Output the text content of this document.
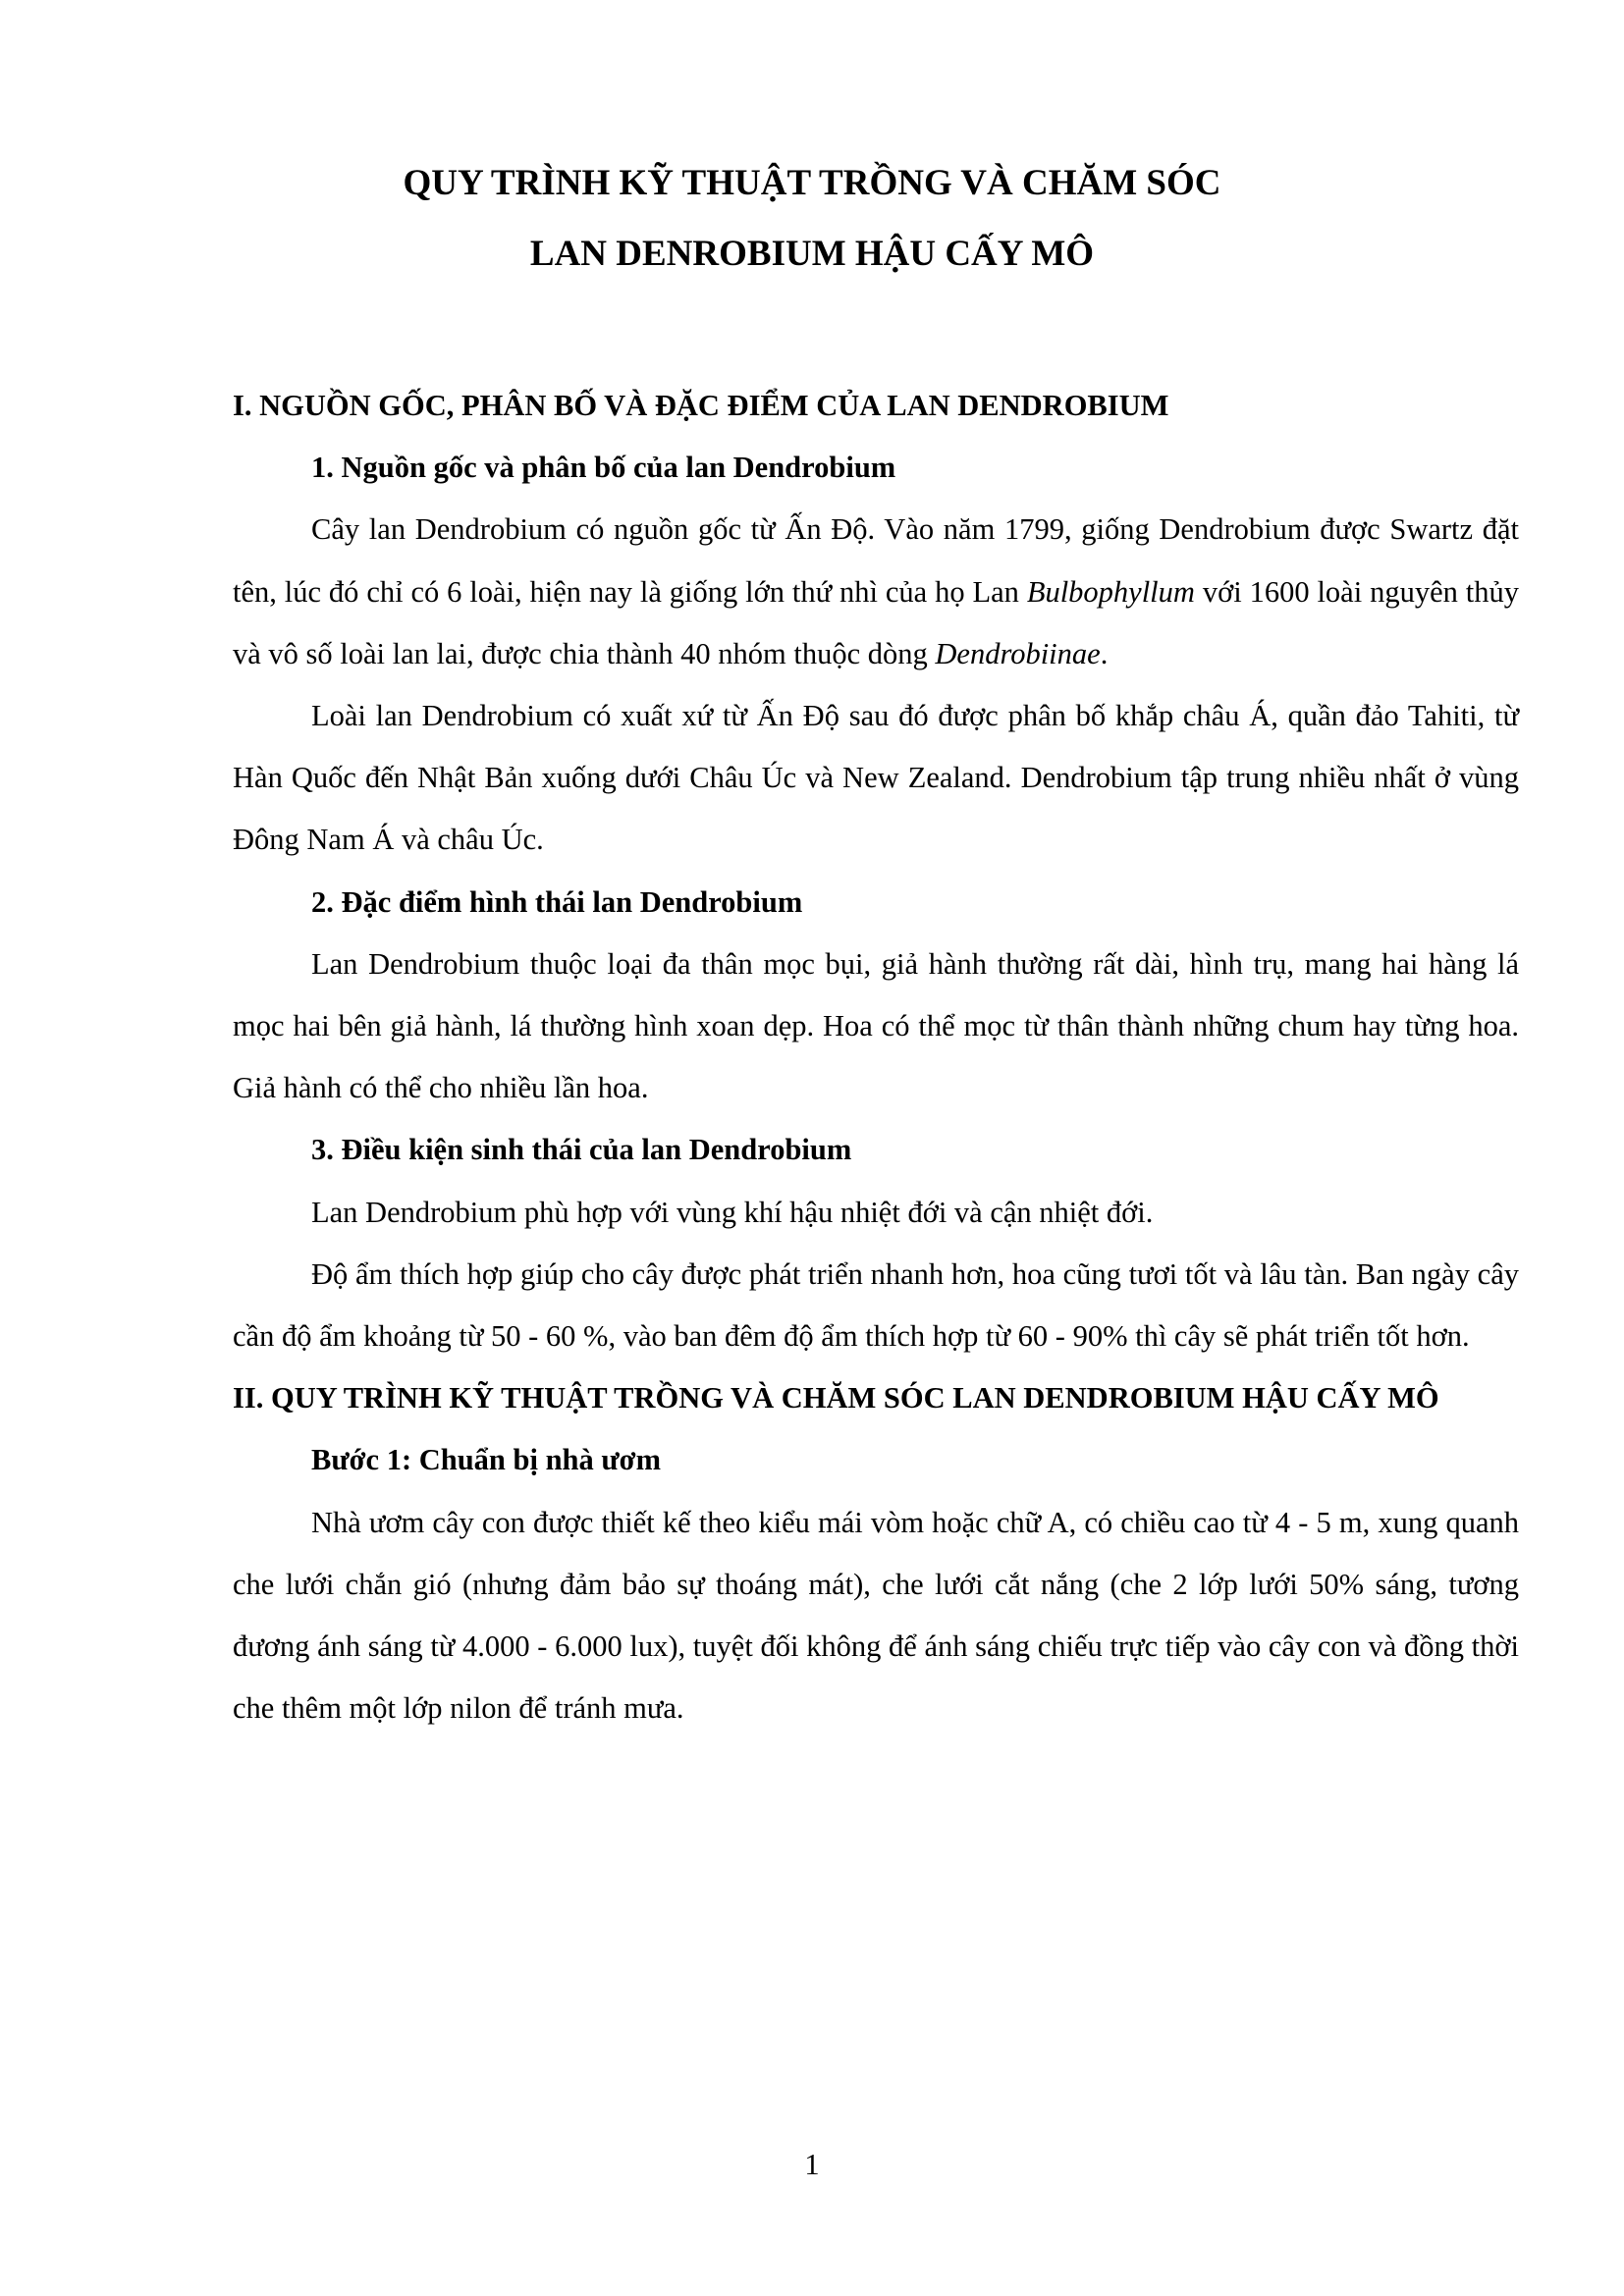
QUY TRÌNH KỸ THUẬT TRỒNG VÀ CHĂM SÓC
LAN DENROBIUM HẬU CẤY MÔ
I. NGUỒN GỐC, PHÂN BỐ VÀ ĐẶC ĐIỂM CỦA LAN DENDROBIUM
1. Nguồn gốc và phân bố của lan Dendrobium

Cây lan Dendrobium có nguồn gốc từ Ấn Độ. Vào năm 1799, giống Dendrobium được Swartz đặt tên, lúc đó chỉ có 6 loài, hiện nay là giống lớn thứ nhì của họ Lan Bulbophyllum với 1600 loài nguyên thủy và vô số loài lan lai, được chia thành 40 nhóm thuộc dòng Dendrobiinae.

Loài lan Dendrobium có xuất xứ từ Ấn Độ sau đó được phân bố khắp châu Á, quần đảo Tahiti, từ Hàn Quốc đến Nhật Bản xuống dưới Châu Úc và New Zealand. Dendrobium tập trung nhiều nhất ở vùng Đông Nam Á và châu Úc.

2. Đặc điểm hình thái lan Dendrobium

Lan Dendrobium thuộc loại đa thân mọc bụi, giả hành thường rất dài, hình trụ, mang hai hàng lá mọc hai bên giả hành, lá thường hình xoan dẹp. Hoa có thể mọc từ thân thành những chum hay từng hoa. Giả hành có thể cho nhiều lần hoa.

3. Điều kiện sinh thái của lan Dendrobium

Lan Dendrobium phù hợp với vùng khí hậu nhiệt đới và cận nhiệt đới.

Độ ẩm thích hợp giúp cho cây được phát triển nhanh hơn, hoa cũng tươi tốt và lâu tàn. Ban ngày cây cần độ ẩm khoảng từ 50 - 60 %, vào ban đêm độ ẩm thích hợp từ 60 - 90% thì cây sẽ phát triển tốt hơn.

II. QUY TRÌNH KỸ THUẬT TRỒNG VÀ CHĂM SÓC LAN DENDROBIUM HẬU CẤY MÔ
Bước 1: Chuẩn bị nhà ươm

Nhà ươm cây con được thiết kế theo kiểu mái vòm hoặc chữ A, có chiều cao từ 4 - 5 m, xung quanh che lưới chắn gió (nhưng đảm bảo sự thoáng mát), che lưới cắt nắng (che 2 lớp lưới 50% sáng, tương đương ánh sáng từ 4.000 - 6.000 lux), tuyệt đối không để ánh sáng chiếu trực tiếp vào cây con và đồng thời che thêm một lớp nilon để tránh mưa.

1
